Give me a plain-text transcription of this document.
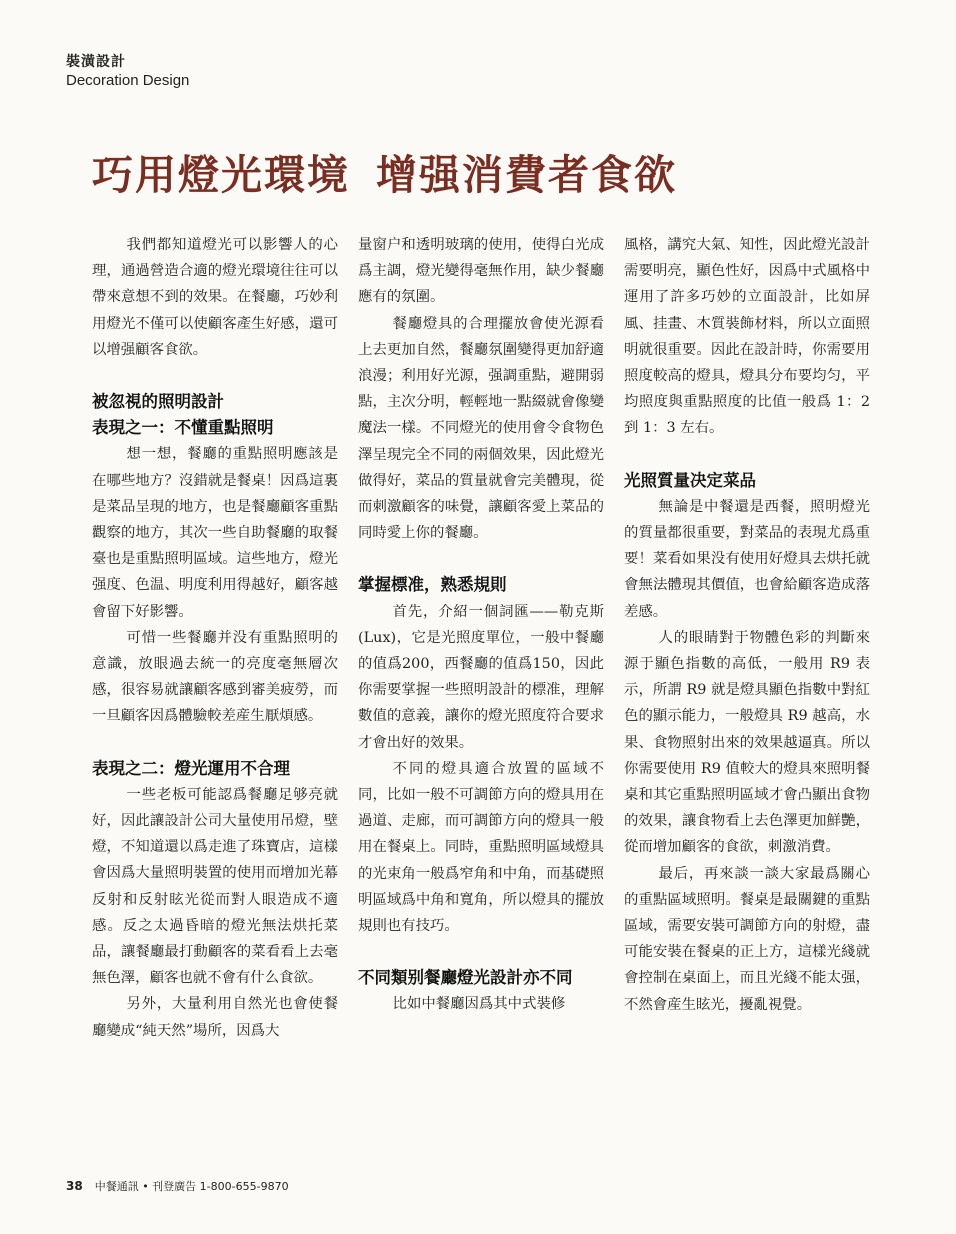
裝潢設計
Decoration Design
巧用燈光環境 增强消費者食欲

我們都知道燈光可以影響人的心理，通過營造合適的燈光環境往往可以帶來意想不到的效果。在餐廳，巧妙利用燈光不僅可以使顧客產生好感，還可以增强顧客食欲。

被忽視的照明設計
表現之一：不懂重點照明

想一想，餐廳的重點照明應該是在哪些地方？沒錯就是餐桌！因爲這裏是菜品呈現的地方，也是餐廳顧客重點觀察的地方，其次一些自助餐廳的取餐臺也是重點照明區域。這些地方，燈光强度、色温、明度利用得越好，顧客越會留下好影響。

可惜一些餐廳并没有重點照明的意識，放眼過去統一的亮度毫無層次感，很容易就讓顧客感到審美疲勞，而一旦顧客因爲體驗較差産生厭煩感。

表現之二：燈光運用不合理

一些老板可能認爲餐廳足够亮就好，因此讓設計公司大量使用吊燈，壁燈，不知道還以爲走進了珠寶店，這樣會因爲大量照明裝置的使用而增加光幕反射和反射眩光從而對人眼造成不適感。反之太過昏暗的燈光無法烘托菜品，讓餐廳最打動顧客的菜看看上去毫無色澤，顧客也就不會有什么食欲。

另外，大量利用自然光也會使餐廳變成“純天然”場所，因爲大

量窗户和透明玻璃的使用，使得白光成爲主調，燈光變得毫無作用，缺少餐廳應有的氛圍。

餐廳燈具的合理擺放會使光源看上去更加自然，餐廳氛圍變得更加舒適浪漫；利用好光源，强調重點，避開弱點，主次分明，輕輕地一點綴就會像變魔法一樣。不同燈光的使用會令食物色澤呈現完全不同的兩個效果，因此燈光做得好，菜品的質量就會完美體現，從而刺激顧客的味覺，讓顧客愛上菜品的同時愛上你的餐廳。

掌握標准，熟悉規則

首先，介紹一個詞匯——勒克斯(Lux)，它是光照度單位，一般中餐廳的值爲200，西餐廳的值爲150，因此你需要掌握一些照明設計的標准，理解數值的意義，讓你的燈光照度符合要求才會出好的效果。

不同的燈具適合放置的區域不同，比如一般不可調節方向的燈具用在過道、走廊，而可調節方向的燈具一般用在餐桌上。同時，重點照明區域燈具的光束角一般爲窄角和中角，而基礎照明區域爲中角和寬角，所以燈具的擺放規則也有技巧。

不同類别餐廳燈光設計亦不同

比如中餐廳因爲其中式裝修

風格，講究大氣、知性，因此燈光設計需要明亮，顯色性好，因爲中式風格中運用了許多巧妙的立面設計，比如屏風、挂畫、木質裝飾材料，所以立面照明就很重要。因此在設計時，你需要用照度較高的燈具，燈具分布要均匀，平均照度與重點照度的比值一般爲 1：2 到 1：3 左右。

光照質量决定菜品

無論是中餐還是西餐，照明燈光的質量都很重要，對菜品的表現尤爲重要！菜看如果没有使用好燈具去烘托就會無法體現其價值，也會給顧客造成落差感。

人的眼睛對于物體色彩的判斷來源于顯色指數的高低，一般用 R9 表示，所謂 R9 就是燈具顯色指數中對紅色的顯示能力，一般燈具 R9 越高，水果、食物照射出來的效果越逼真。所以你需要使用 R9 值較大的燈具來照明餐桌和其它重點照明區域才會凸顯出食物的效果，讓食物看上去色澤更加鮮艷，從而增加顧客的食欲，刺激消費。

最后，再來談一談大家最爲關心的重點區域照明。餐桌是最關鍵的重點區域，需要安裝可調節方向的射燈，盡可能安裝在餐桌的正上方，這樣光綫就會控制在桌面上，而且光綫不能太强，不然會産生眩光，擾亂視覺。

38 中餐通訊 • 刊登廣告 1-800-655-9870
